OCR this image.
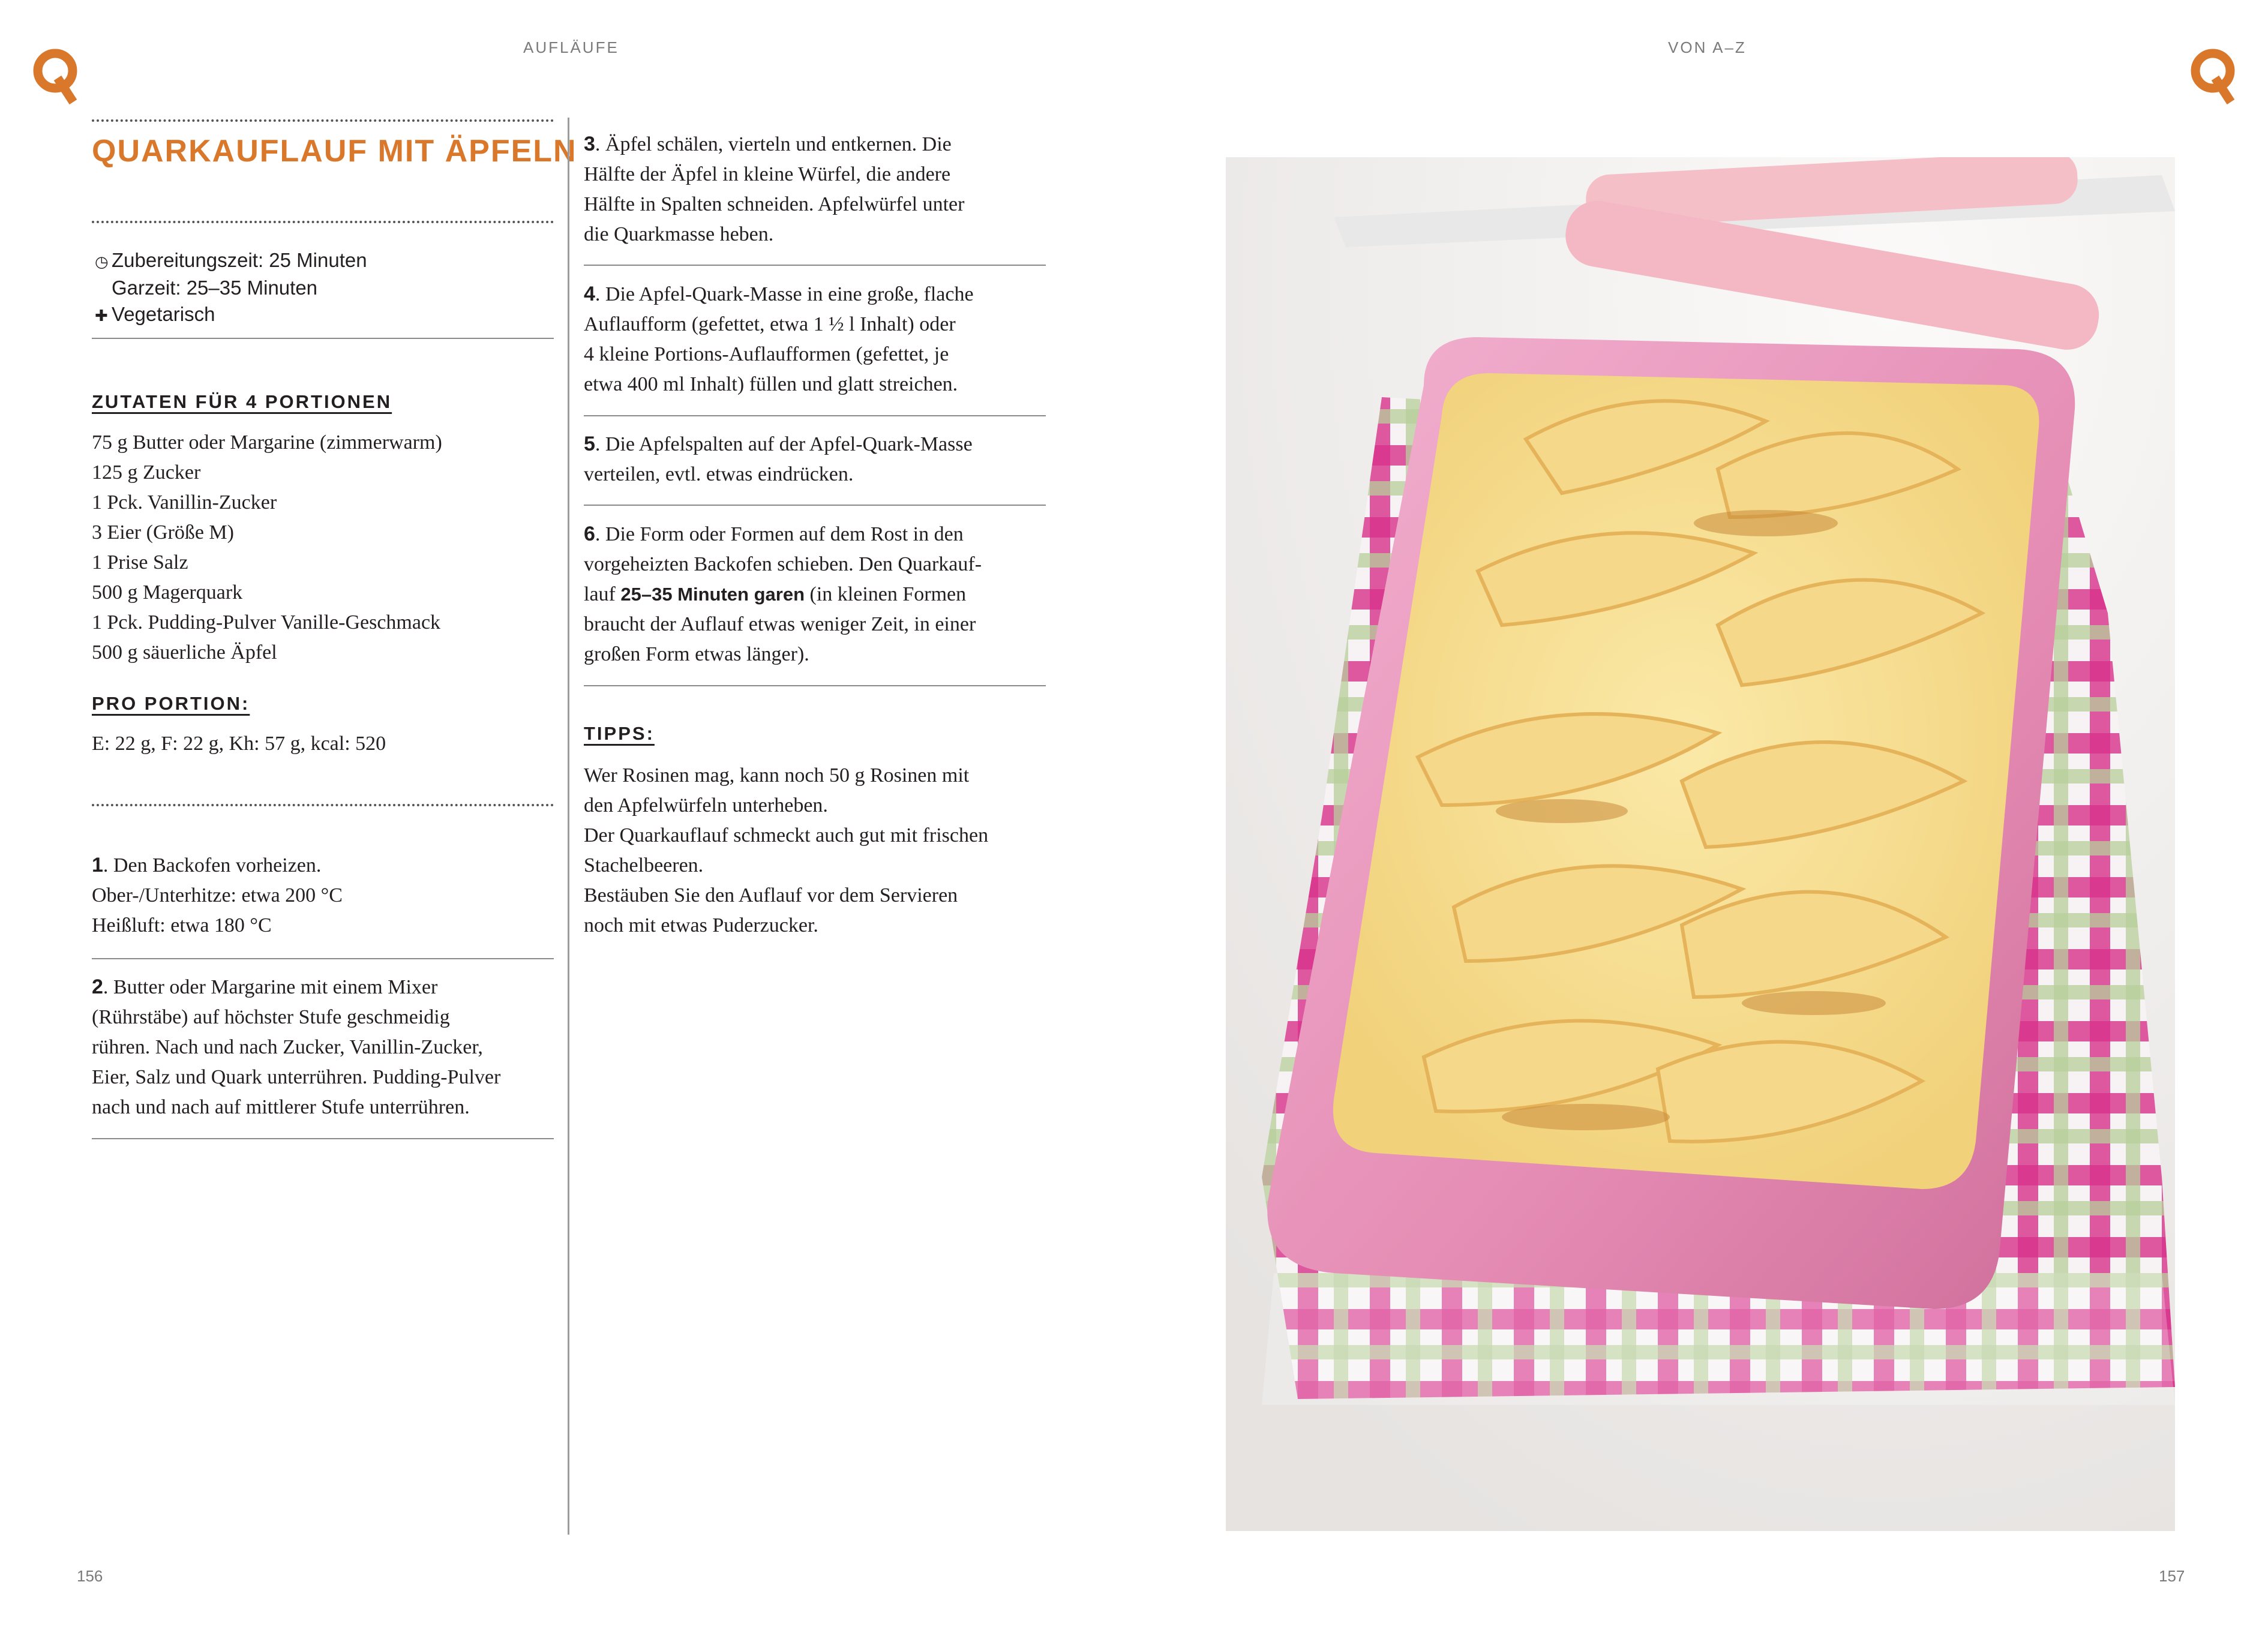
AUFLÄUFE	VON A–Z
QUARKAUFLAUF MIT ÄPFELN
◷ Zubereitungszeit: 25 Minuten
Garzeit: 25–35 Minuten
✚ Vegetarisch
ZUTATEN FÜR 4 PORTIONEN
75 g Butter oder Margarine (zimmerwarm)
125 g Zucker
1 Pck. Vanillin-Zucker
3 Eier (Größe M)
1 Prise Salz
500 g Magerquark
1 Pck. Pudding-Pulver Vanille-Geschmack
500 g säuerliche Äpfel
PRO PORTION:
E: 22 g, F: 22 g, Kh: 57 g, kcal: 520
1. Den Backofen vorheizen.
Ober-/Unterhitze: etwa 200 °C
Heißluft: etwa 180 °C
2. Butter oder Margarine mit einem Mixer
(Rührstäbe) auf höchster Stufe geschmeidig
rühren. Nach und nach Zucker, Vanillin-Zucker,
Eier, Salz und Quark unterrühren. Pudding-Pulver
nach und nach auf mittlerer Stufe unterrühren.
3. Äpfel schälen, vierteln und entkernen. Die
Hälfte der Äpfel in kleine Würfel, die andere
Hälfte in Spalten schneiden. Apfelwürfel unter
die Quarkmasse heben.
4. Die Apfel-Quark-Masse in eine große, flache
Auflaufform (gefettet, etwa 1 ½ l Inhalt) oder
4 kleine Portions-Auflaufformen (gefettet, je
etwa 400 ml Inhalt) füllen und glatt streichen.
5. Die Apfelspalten auf der Apfel-Quark-Masse
verteilen, evtl. etwas eindrücken.
6. Die Form oder Formen auf dem Rost in den
vorgeheizten Backofen schieben. Den Quarkauf-
lauf 25–35 Minuten garen (in kleinen Formen
braucht der Auflauf etwas weniger Zeit, in einer
großen Form etwas länger).
TIPPS:
Wer Rosinen mag, kann noch 50 g Rosinen mit
den Apfelwürfeln unterheben.
Der Quarkauflauf schmeckt auch gut mit frischen
Stachelbeeren.
Bestäuben Sie den Auflauf vor dem Servieren
noch mit etwas Puderzucker.
156	157
